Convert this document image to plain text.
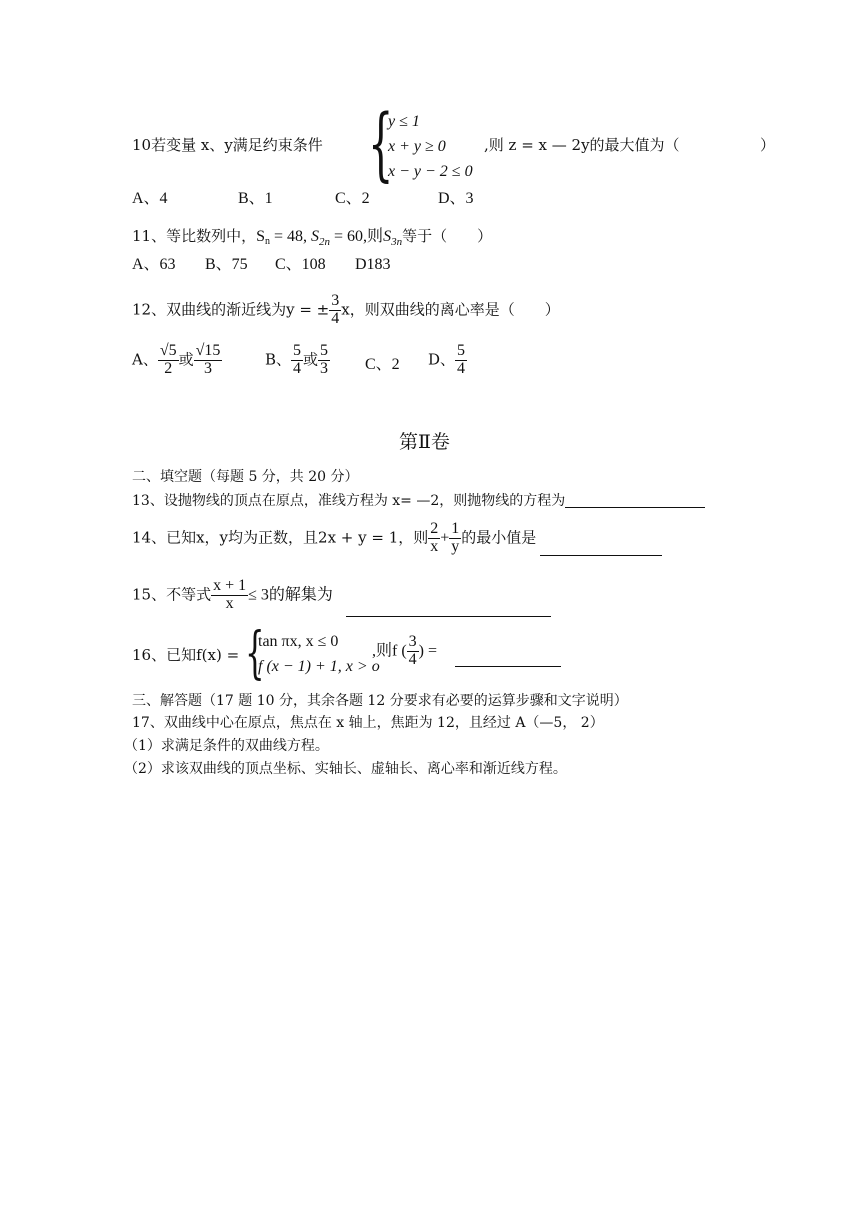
10若变量 x、y满足约束条件 {
y ≤ 1
x + y ≥ 0
x − y − 2 ≤ 0
,则 z = x — 2y的最大值为（	）
A、4	B、1	C、2	D、3
11、等比数列中，Sn = 48, $S_{2n} = 60$,则$S_{3n}$等于（　　）
A、63 B、75 C、108 D183
12、双曲线的渐近线为y = ± $\frac{3}{4}$ x，则双曲线的离心率是（　　）
A、 $\frac{√5}{2}$ 或 $\frac{√15}{3}$	B、 $\frac{5}{4}$ 或 $\frac{5}{3}$ C、2 D、 $\frac{5}{4}$
第Ⅱ卷
二、填空题（每题 5 分，共 20 分）
13、设抛物线的顶点在原点，准线方程为 x= —2，则抛物线的方程为
14、已知x，y均为正数，且2x + y = 1，则 $\frac{2}{x} + \frac{1}{y}$ 的最小值是
15、不等式 $\frac{x + 1}{x} \le 3$的解集为
16、已知f(x) = {
tan πx, x ≤ 0
f (x − 1) + 1, x > o
,则f ( $\frac{3}{4}$ ) =
三、解答题（17 题 10 分，其余各题 12 分要求有必要的运算步骤和文字说明）
17、双曲线中心在原点，焦点在 x 轴上，焦距为 12，且经过 A（—5， 2）
（1）求满足条件的双曲线方程。
（2）求该双曲线的顶点坐标、实轴长、虚轴长、离心率和渐近线方程。
